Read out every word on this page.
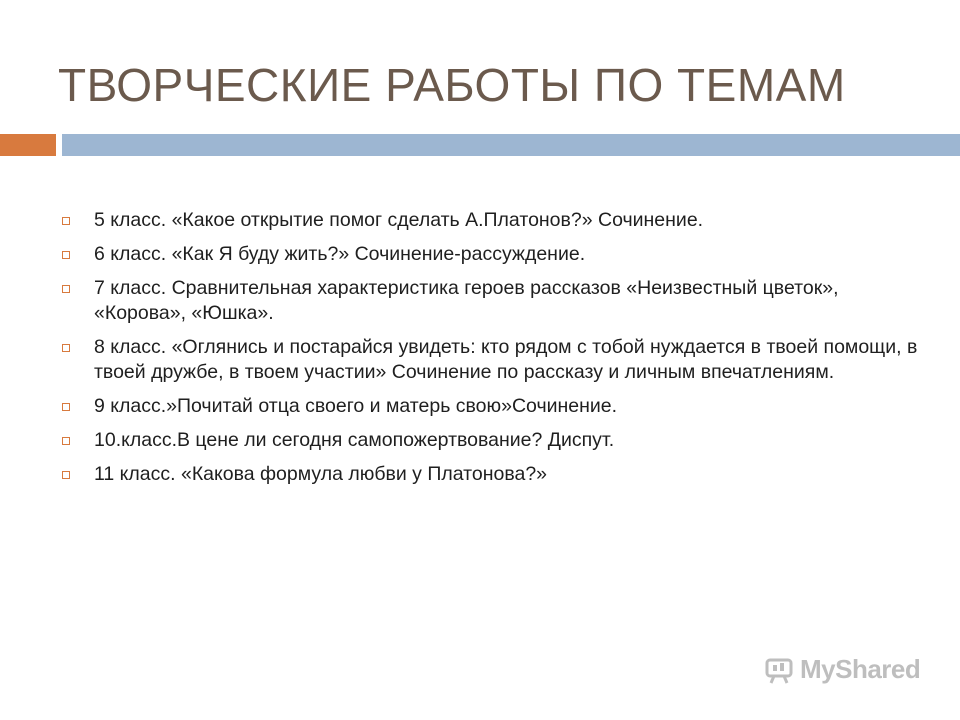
ТВОРЧЕСКИЕ РАБОТЫ ПО ТЕМАМ
5 класс. «Какое открытие помог сделать А.Платонов?» Сочинение.
6 класс. «Как Я буду жить?» Сочинение-рассуждение.
7 класс. Сравнительная характеристика героев рассказов «Неизвестный цветок», «Корова», «Юшка».
8 класс. «Оглянись и постарайся увидеть: кто рядом с тобой нуждается в твоей помощи, в твоей дружбе, в твоем участии» Сочинение по рассказу и личным впечатлениям.
9 класс.»Почитай отца своего и матерь свою»Сочинение.
10.класс.В цене ли сегодня самопожертвование? Диспут.
11 класс. «Какова формула любви у Платонова?»
MyShared
